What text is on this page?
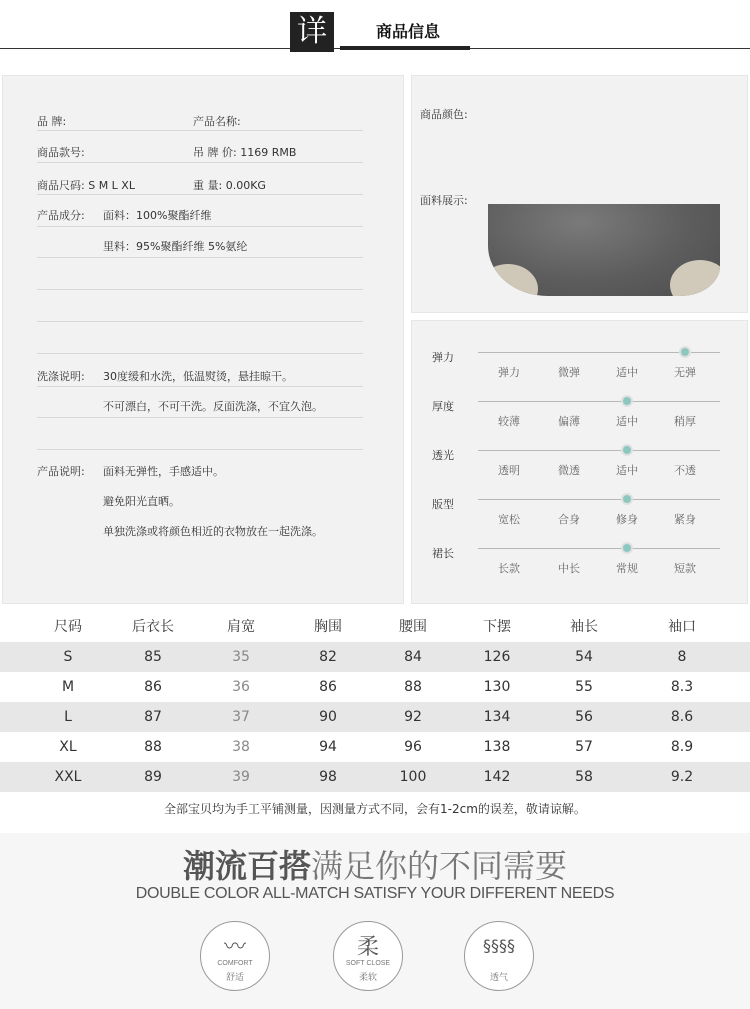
详	商品信息
品 牌:	产品名称:
商品款号:	吊 牌 价: 1169 RMB
商品尺码: S M L XL	重 量: 0.00KG
产品成分: 面料：100%聚酯纤维
里料：95%聚酯纤维 5%氨纶
洗涤说明: 30度缓和水洗，低温熨烫，悬挂晾干。
不可漂白，不可干洗。反面洗涤，不宜久泡。
产品说明: 面料无弹性，手感适中。
避免阳光直晒。
单独洗涤或将颜色相近的衣物放在一起洗涤。
商品颜色:
面料展示:
弹力
弹力	微弹	适中	无弹
厚度
较薄	偏薄	适中	稍厚
透光
透明	微透	适中	不透
版型
宽松	合身	修身	紧身
裙长
长款	中长	常规	短款
尺码	后衣长	肩宽	胸围	腰围	下摆	袖长	袖口
S	85	35	82	84	126	54	8
M	86	36	86	88	130	55	8.3
L	87	37	90	92	134	56	8.6
XL	88	38	94	96	138	57	8.9
XXL	89	39	98	100	142	58	9.2
全部宝贝均为手工平铺测量，因测量方式不同，会有1-2cm的误差，敬请谅解。
潮流百搭满足你的不同需要
DOUBLE COLOR ALL-MATCH SATISFY YOUR DIFFERENT NEEDS
〰
COMFORT
舒适
柔
SOFT CLOSE
柔软
§§§§
透气
